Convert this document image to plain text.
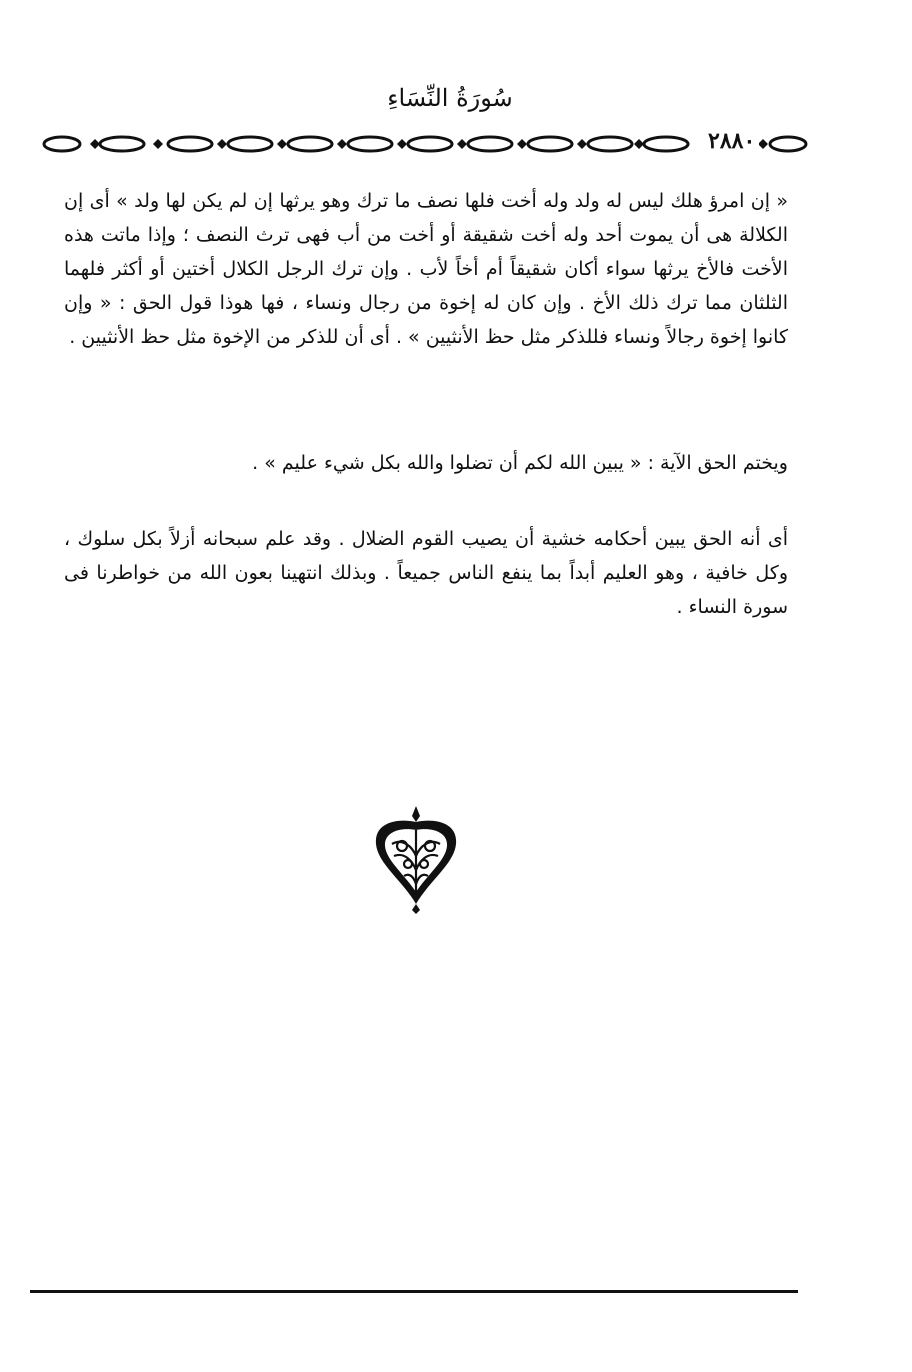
سُورَةُ النِّسَاءِ
٢٨٨٠
« إن امرؤ هلك ليس له ولد وله أخت فلها نصف ما ترك وهو يرثها إن لم يكن لها ولد » أى إن الكلالة هى أن يموت أحد وله أخت شقيقة أو أخت من أب فهى ترث النصف ؛ وإذا ماتت هذه الأخت فالأخ يرثها سواء أكان شقيقاً أم أخاً لأب . وإن ترك الرجل الكلال أختين أو أكثر فلهما الثلثان مما ترك ذلك الأخ . وإن كان له إخوة من رجال ونساء ، فها هوذا قول الحق : « وإن كانوا إخوة رجالاً ونساء فللذكر مثل حظ الأنثيين » . أى أن للذكر من الإخوة مثل حظ الأنثيين .
ويختم الحق الآية : « يبين الله لكم أن تضلوا والله بكل شيء عليم » .
أى أنه الحق يبين أحكامه خشية أن يصيب القوم الضلال . وقد علم سبحانه أزلاً بكل سلوك ، وكل خافية ، وهو العليم أبداً بما ينفع الناس جميعاً . وبذلك انتهينا بعون الله من خواطرنا فى سورة النساء .
